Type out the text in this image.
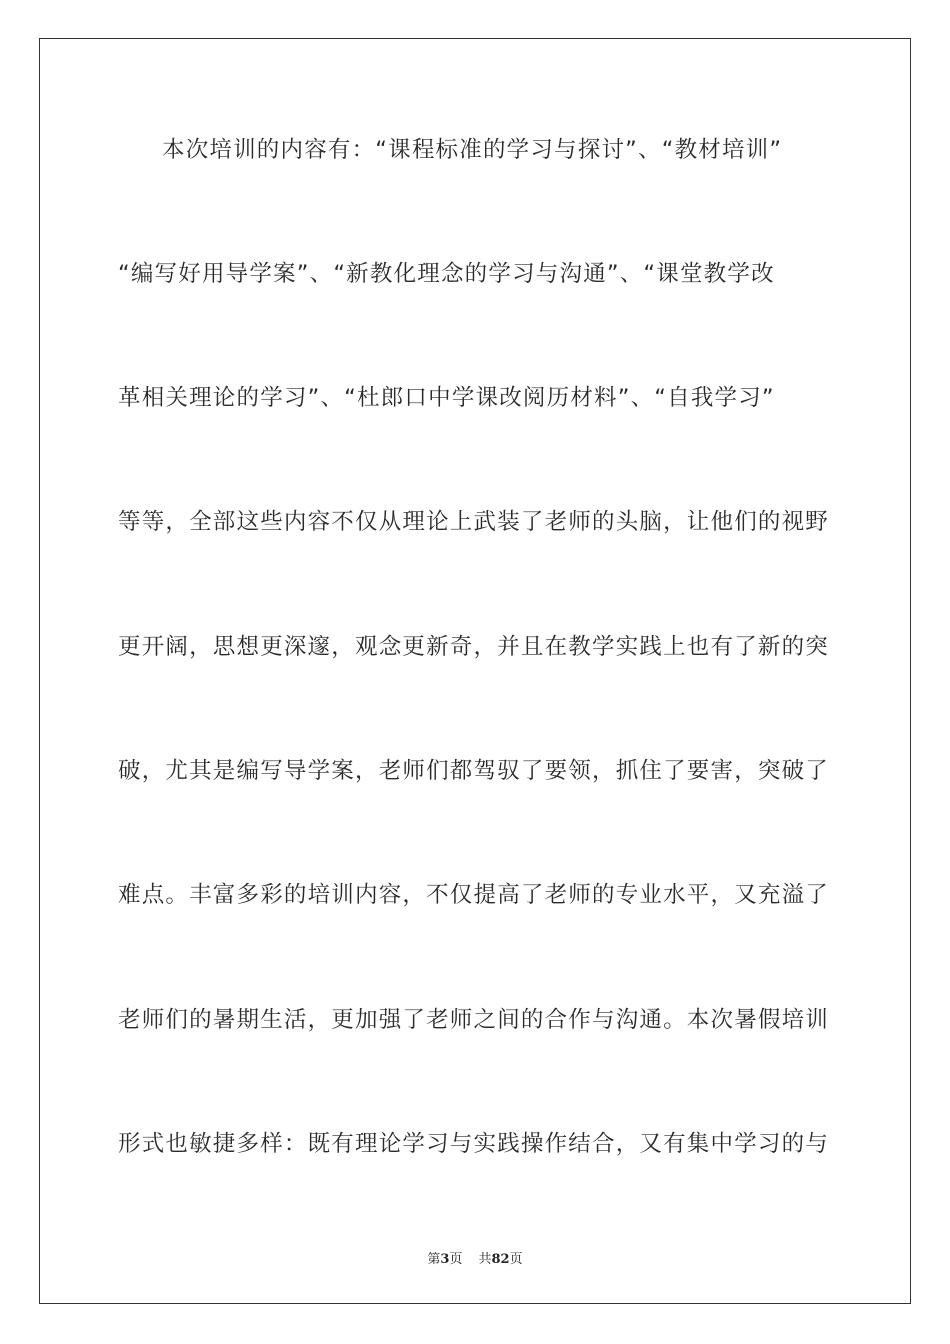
本次培训的内容有：“课程标准的学习与探讨”、“教材培训”
“编写好用导学案”、“新教化理念的学习与沟通”、“课堂教学改
革相关理论的学习”、“杜郎口中学课改阅历材料”、“自我学习”
等等，全部这些内容不仅从理论上武装了老师的头脑，让他们的视野
更开阔，思想更深邃，观念更新奇，并且在教学实践上也有了新的突
破，尤其是编写导学案，老师们都驾驭了要领，抓住了要害，突破了
难点。丰富多彩的培训内容，不仅提高了老师的专业水平，又充溢了
老师们的暑期生活，更加强了老师之间的合作与沟通。本次暑假培训
形式也敏捷多样：既有理论学习与实践操作结合，又有集中学习的与
第3页 共82页
